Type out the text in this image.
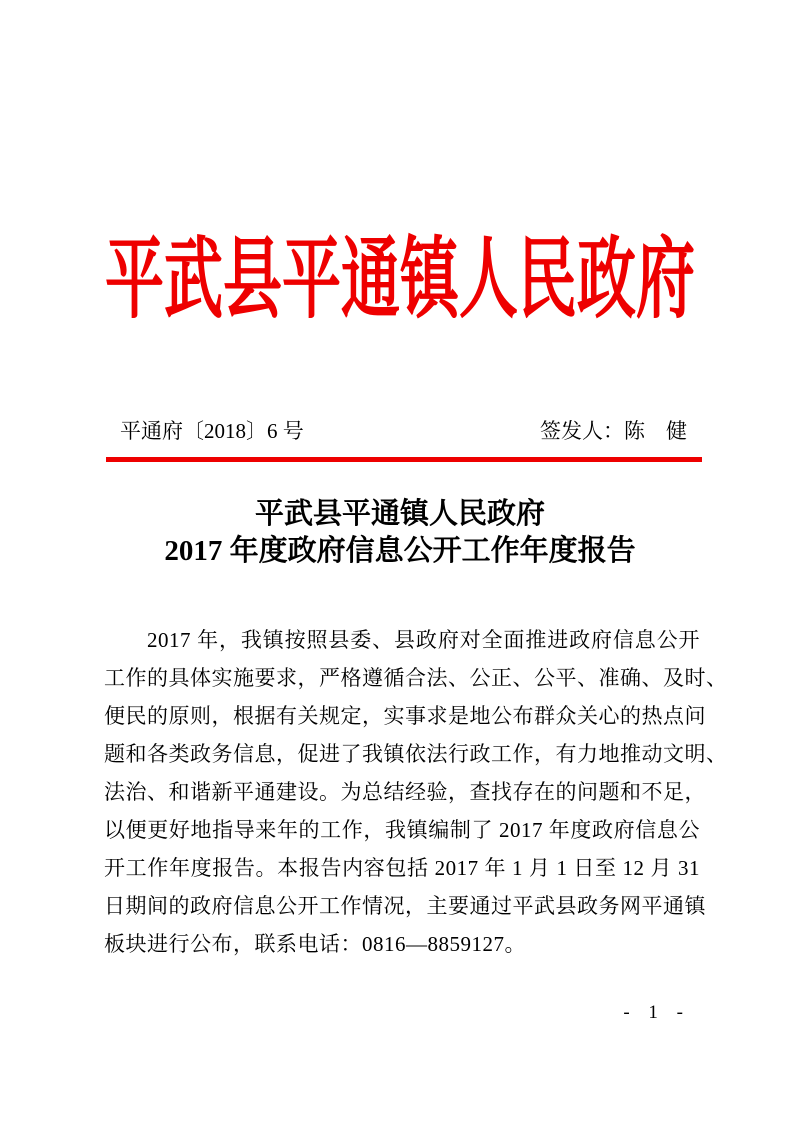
平武县平通镇人民政府
平通府〔2018〕6 号	签发人：陈　健
平武县平通镇人民政府
2017 年度政府信息公开工作年度报告
2017 年，我镇按照县委、县政府对全面推进政府信息公开
工作的具体实施要求，严格遵循合法、公正、公平、准确、及时、
便民的原则，根据有关规定，实事求是地公布群众关心的热点问
题和各类政务信息，促进了我镇依法行政工作，有力地推动文明、
法治、和谐新平通建设。为总结经验，查找存在的问题和不足，
以便更好地指导来年的工作，我镇编制了 2017 年度政府信息公
开工作年度报告。本报告内容包括 2017 年 1 月 1 日至 12 月 31
日期间的政府信息公开工作情况，主要通过平武县政务网平通镇
板块进行公布，联系电话：0816—8859127。
- 1 -
